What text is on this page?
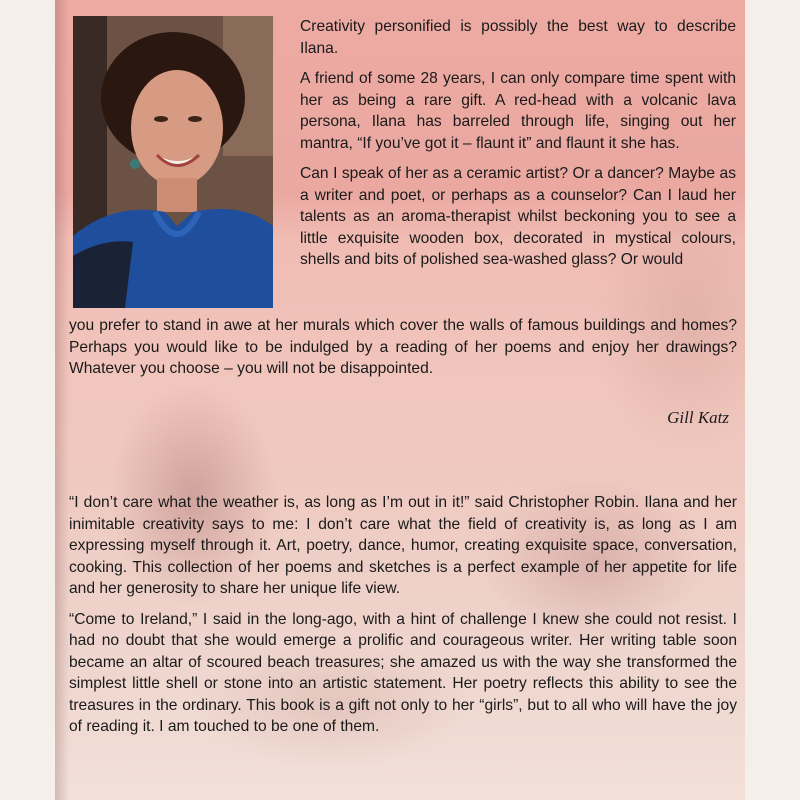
Creativity personified is possibly the best way to describe Ilana.

A friend of some 28 years, I can only compare time spent with her as being a rare gift. A red-head with a volcanic lava persona, Ilana has barreled through life, singing out her mantra, “If you’ve got it – flaunt it” and flaunt it she has.

Can I speak of her as a ceramic artist? Or a dancer? Maybe as a writer and poet, or perhaps as a counselor? Can I laud her talents as an aroma-therapist whilst beckoning you to see a little exquisite wooden box, decorated in mystical colours, shells and bits of polished sea-washed glass? Or would

you prefer to stand in awe at her murals which cover the walls of famous buildings and homes? Perhaps you would like to be indulged by a reading of her poems and enjoy her drawings? Whatever you choose – you will not be disappointed.

Gill Katz

“I don’t care what the weather is, as long as I’m out in it!” said Christopher Robin. Ilana and her inimitable creativity says to me: I don’t care what the field of creativity is, as long as I am expressing myself through it. Art, poetry, dance, humor, creating exquisite space, conversation, cooking. This collection of her poems and sketches is a perfect example of her appetite for life and her generosity to share her unique life view.

“Come to Ireland,” I said in the long-ago, with a hint of challenge I knew she could not resist. I had no doubt that she would emerge a prolific and courageous writer. Her writing table soon became an altar of scoured beach treasures; she amazed us with the way she transformed the simplest little shell or stone into an artistic statement. Her poetry reflects this ability to see the treasures in the ordinary. This book is a gift not only to her “girls”, but to all who will have the joy of reading it. I am touched to be one of them.
